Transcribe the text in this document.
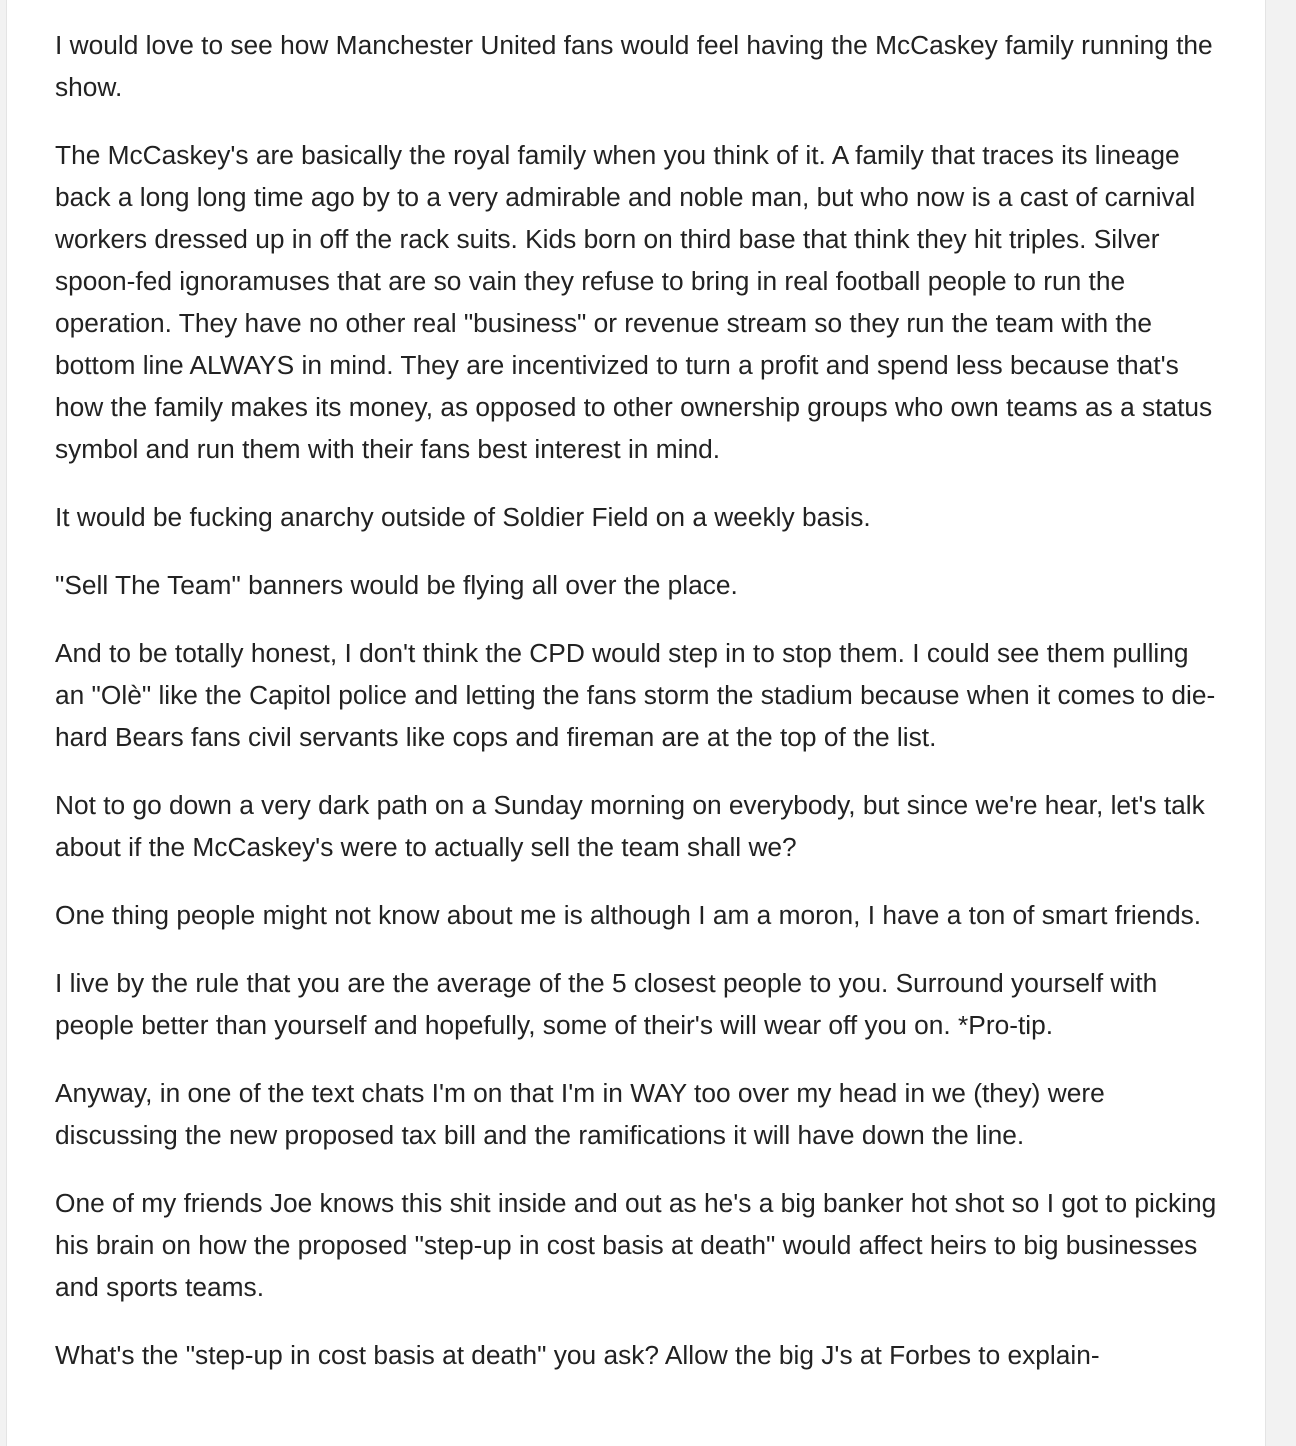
I would love to see how Manchester United fans would feel having the McCaskey family running the show.

The McCaskey's are basically the royal family when you think of it. A family that traces its lineage back a long long time ago by to a very admirable and noble man, but who now is a cast of carnival workers dressed up in off the rack suits. Kids born on third base that think they hit triples. Silver spoon-fed ignoramuses that are so vain they refuse to bring in real football people to run the operation. They have no other real "business" or revenue stream so they run the team with the bottom line ALWAYS in mind. They are incentivized to turn a profit and spend less because that's how the family makes its money, as opposed to other ownership groups who own teams as a status symbol and run them with their fans best interest in mind.

It would be fucking anarchy outside of Soldier Field on a weekly basis.

"Sell The Team" banners would be flying all over the place.

And to be totally honest, I don't think the CPD would step in to stop them. I could see them pulling an "Olè" like the Capitol police and letting the fans storm the stadium because when it comes to die-hard Bears fans civil servants like cops and fireman are at the top of the list.

Not to go down a very dark path on a Sunday morning on everybody, but since we're hear, let's talk about if the McCaskey's were to actually sell the team shall we?

One thing people might not know about me is although I am a moron, I have a ton of smart friends.

I live by the rule that you are the average of the 5 closest people to you. Surround yourself with people better than yourself and hopefully, some of their's will wear off you on. *Pro-tip.

Anyway, in one of the text chats I'm on that I'm in WAY too over my head in we (they) were discussing the new proposed tax bill and the ramifications it will have down the line.

One of my friends Joe knows this shit inside and out as he's a big banker hot shot so I got to picking his brain on how the proposed "step-up in cost basis at death" would affect heirs to big businesses and sports teams.

What's the "step-up in cost basis at death" you ask? Allow the big J's at Forbes to explain-
